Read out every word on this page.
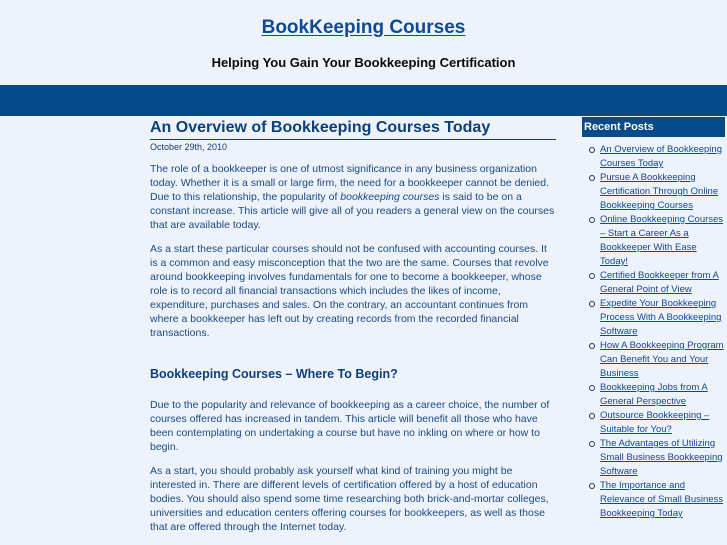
BookKeeping Courses
Helping You Gain Your Bookkeeping Certification
An Overview of Bookkeeping Courses Today
October 29th, 2010

The role of a bookkeeper is one of utmost significance in any business organization today. Whether it is a small or large firm, the need for a bookkeeper cannot be denied. Due to this relationship, the popularity of bookkeeping courses is said to be on a constant increase. This article will give all of you readers a general view on the courses that are available today.

As a start these particular courses should not be confused with accounting courses. It is a common and easy misconception that the two are the same. Courses that revolve around bookkeeping involves fundamentals for one to become a bookkeeper, whose role is to record all financial transactions which includes the likes of income, expenditure, purchases and sales. On the contrary, an accountant continues from where a bookkeeper has left out by creating records from the recorded financial transactions.

Bookkeeping Courses – Where To Begin?

Due to the popularity and relevance of bookkeeping as a career choice, the number of courses offered has increased in tandem. This article will benefit all those who have been contemplating on undertaking a course but have no inkling on where or how to begin.

As a start, you should probably ask yourself what kind of training you might be interested in. There are different levels of certification offered by a host of education bodies. You should also spend some time researching both brick-and-mortar colleges, universities and education centers offering courses for bookkeepers, as well as those that are offered through the Internet today.

Recent Posts
An Overview of Bookkeeping Courses Today
Pursue A Bookkeeping Certification Through Online Bookkeeping Courses
Online Bookkeeping Courses – Start a Career As a Bookkeeper With Ease Today!
Certified Bookkeeper from A General Point of View
Expedite Your Bookkeeping Process With A Bookkeeping Software
How A Bookkeeping Program Can Benefit You and Your Business
Bookkeeping Jobs from A General Perspective
Outsource Bookkeeping – Suitable for You?
The Advantages of Utilizing Small Business Bookkeeping Software
The Importance and Relevance of Small Business Bookkeeping Today
